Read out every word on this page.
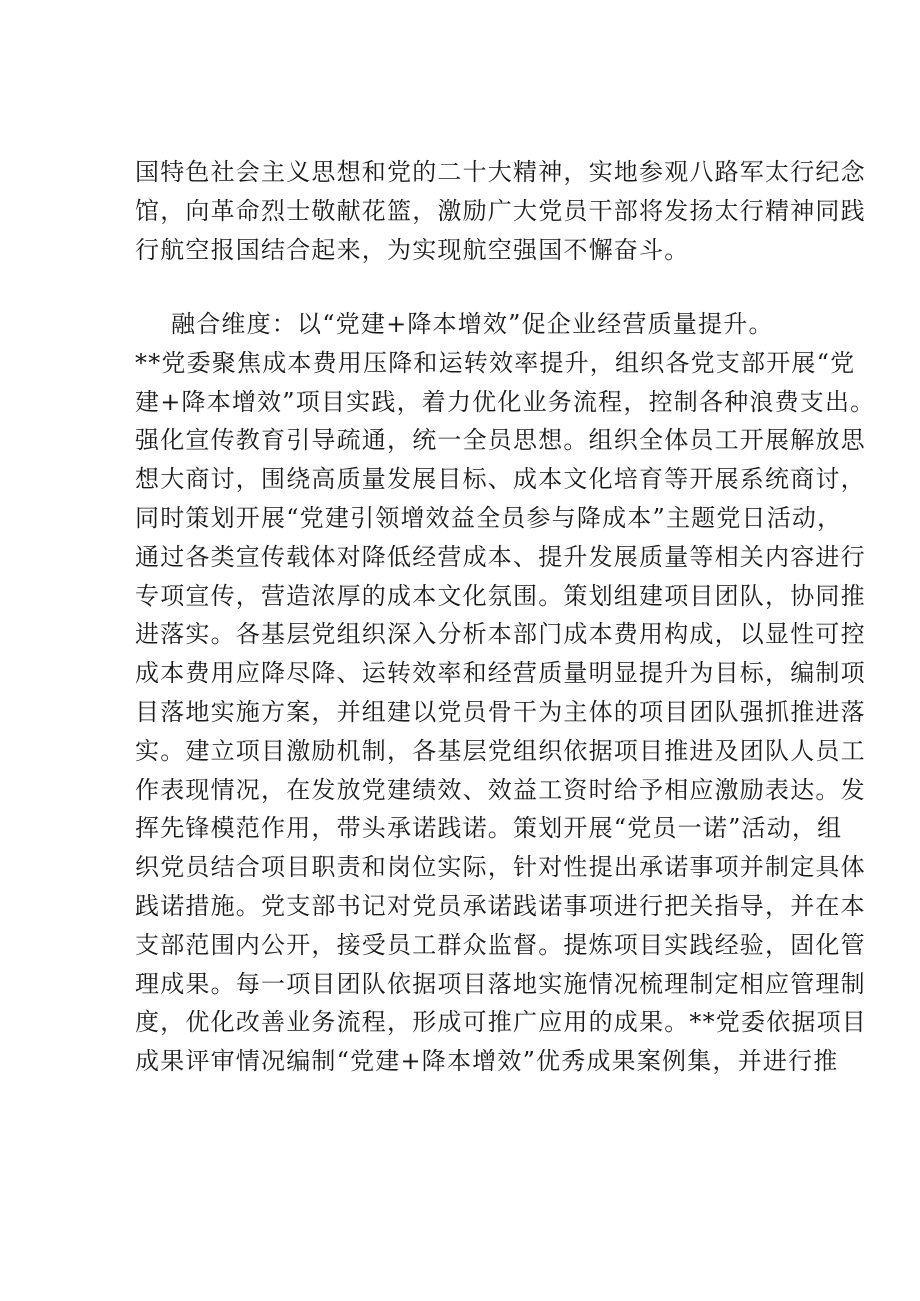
国特色社会主义思想和党的二十大精神，实地参观八路军太行纪念
馆，向革命烈士敬献花篮，激励广大党员干部将发扬太行精神同践
行航空报国结合起来，为实现航空强国不懈奋斗。
融合维度：以“党建+降本增效”促企业经营质量提升。
**党委聚焦成本费用压降和运转效率提升，组织各党支部开展“党
建+降本增效”项目实践，着力优化业务流程，控制各种浪费支出。
强化宣传教育引导疏通，统一全员思想。组织全体员工开展解放思
想大商讨，围绕高质量发展目标、成本文化培育等开展系统商讨，
同时策划开展“党建引领增效益全员参与降成本”主题党日活动，
通过各类宣传载体对降低经营成本、提升发展质量等相关内容进行
专项宣传，营造浓厚的成本文化氛围。策划组建项目团队，协同推
进落实。各基层党组织深入分析本部门成本费用构成，以显性可控
成本费用应降尽降、运转效率和经营质量明显提升为目标，编制项
目落地实施方案，并组建以党员骨干为主体的项目团队强抓推进落
实。建立项目激励机制，各基层党组织依据项目推进及团队人员工
作表现情况，在发放党建绩效、效益工资时给予相应激励表达。发
挥先锋模范作用，带头承诺践诺。策划开展“党员一诺”活动，组
织党员结合项目职责和岗位实际，针对性提出承诺事项并制定具体
践诺措施。党支部书记对党员承诺践诺事项进行把关指导，并在本
支部范围内公开，接受员工群众监督。提炼项目实践经验，固化管
理成果。每一项目团队依据项目落地实施情况梳理制定相应管理制
度，优化改善业务流程，形成可推广应用的成果。**党委依据项目
成果评审情况编制“党建+降本增效”优秀成果案例集，并进行推
